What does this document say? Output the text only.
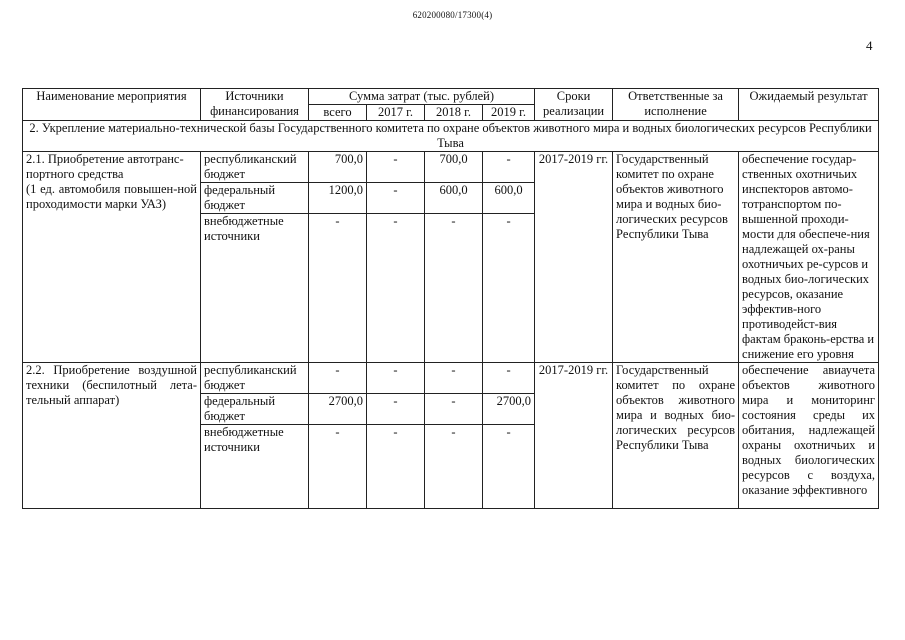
620200080/17300(4)
4
Наименование мероприятия	Источники финансирования	Сумма затрат (тыс. рублей)				Сроки реализации	Ответственные за исполнение	Ожидаемый результат
		всего	2017 г.	2018 г.	2019 г.			
2. Укрепление материально-технической базы Государственного комитета по охране объектов животного мира и водных биологических ресурсов Республики Тыва								

2.1. Приобретение автотранс-портного средства
(1 ед. автомобиля повышен-ной проходимости марки УАЗ)	республиканский бюджет	700,0	-	700,0	-	2017-2019 гг.	Государственный комитет по охране объектов животного мира и водных био-логических ресурсов Республики Тыва	обеспечение государ-ственных охотничьих инспекторов автомо-тотранспортом по-вышенной проходи-мости для обеспече-ния надлежащей ох-раны охотничьих ре-сурсов и водных био-логических ресурсов, оказание эффектив-ного противодейст-вия фактам браконь-ерства и снижение его уровня
	федеральный бюджет	1200,0	-	600,0	600,0			
	внебюджетные источники	-	-	-	-			
2.2. Приобретение воздушной техники (беспилотный лета-тельный аппарат)	республиканский бюджет	-	-	-	-	2017-2019 гг.	Государственный комитет по охране объектов животного мира и водных био-логических ресурсов Республики Тыва	обеспечение авиаучета объектов животного мира и мониторинг состояния среды их обитания, надлежащей охраны охотничьих и водных биологических ресурсов с воздуха, оказание эффективного
	федеральный бюджет	2700,0	-	-	2700,0			
	внебюджетные источники	-	-	-	-			
